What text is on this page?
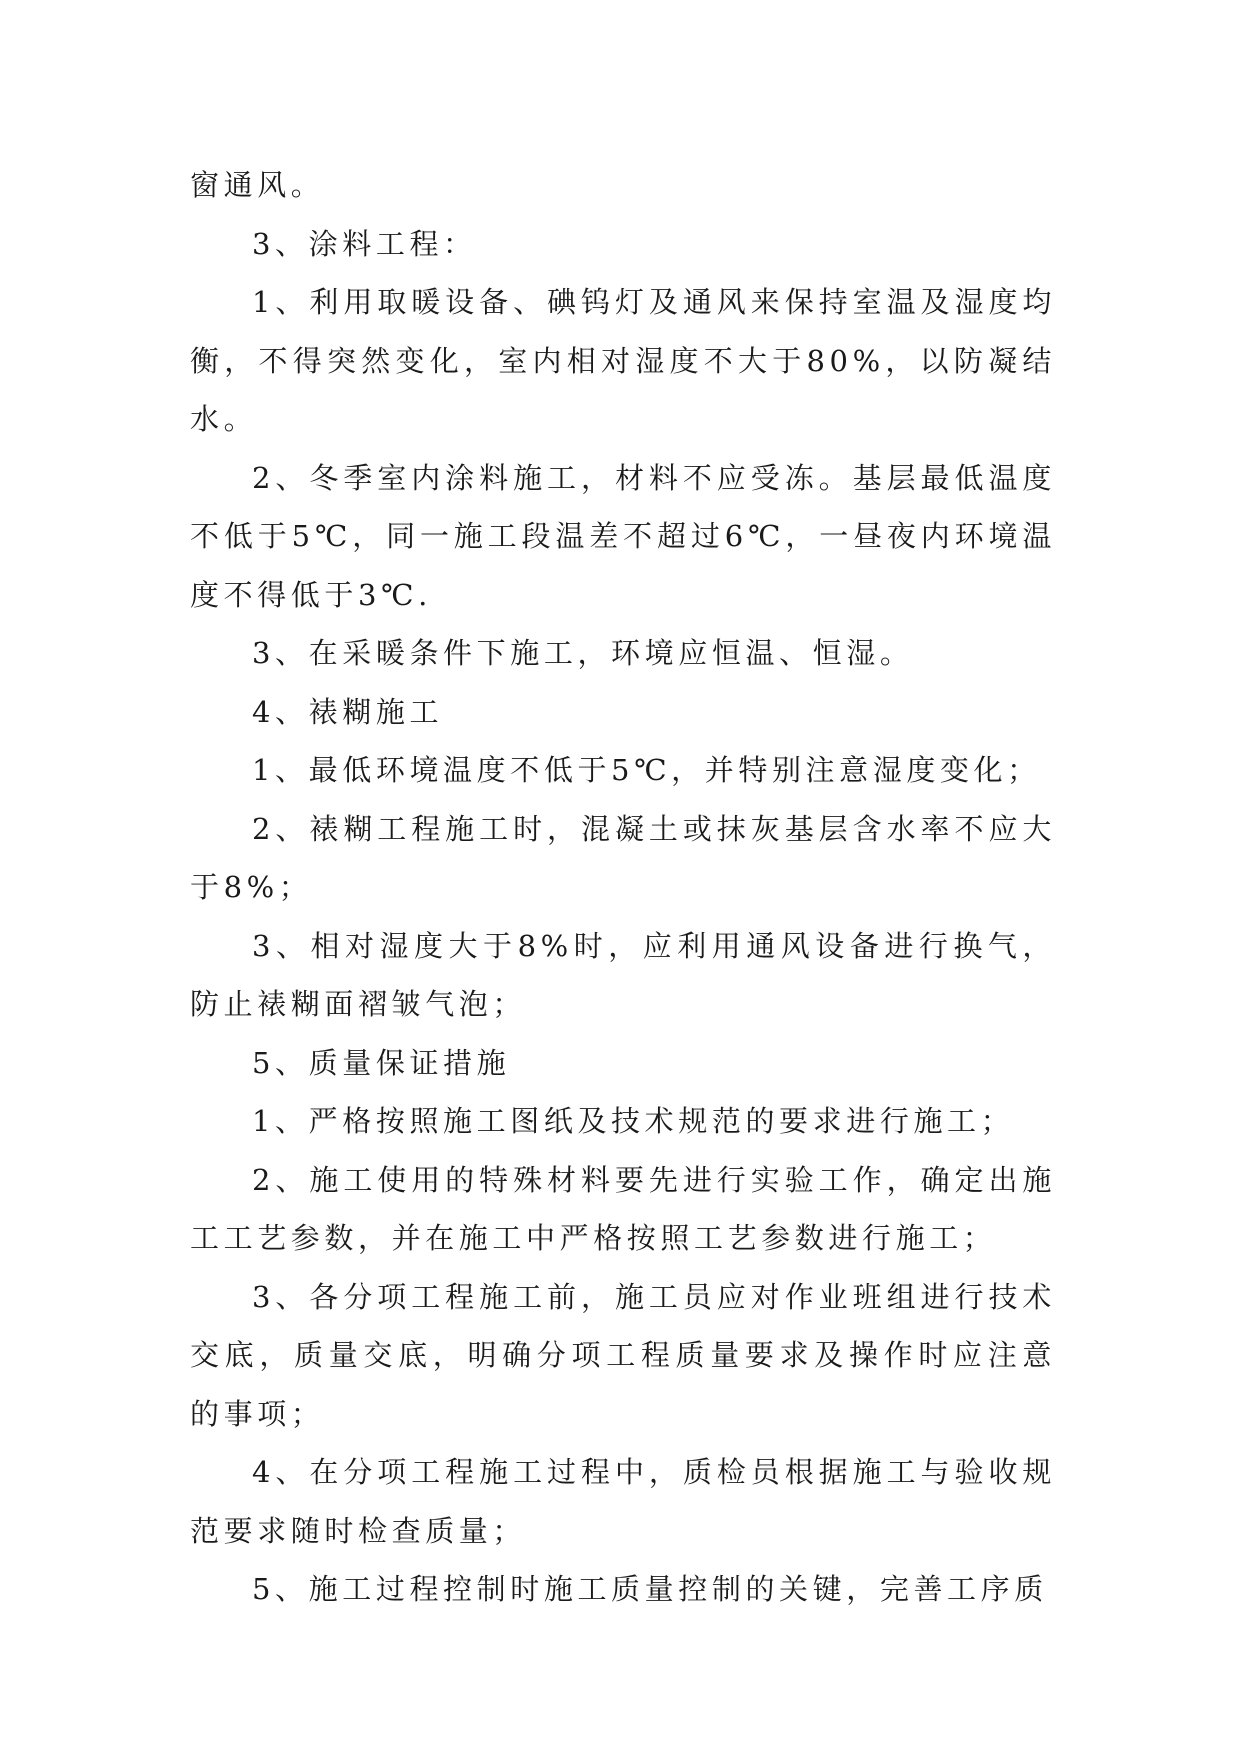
窗通风。

3、涂料工程：

1、利用取暖设备、碘钨灯及通风来保持室温及湿度均衡，不得突然变化，室内相对湿度不大于80%，以防凝结水。

2、冬季室内涂料施工，材料不应受冻。基层最低温度不低于5℃，同一施工段温差不超过6℃，一昼夜内环境温度不得低于3℃.

3、在采暖条件下施工，环境应恒温、恒湿。

4、裱糊施工

1、最低环境温度不低于5℃，并特别注意湿度变化；

2、裱糊工程施工时，混凝土或抹灰基层含水率不应大于8%；

3、相对湿度大于8%时，应利用通风设备进行换气，防止裱糊面褶皱气泡；

5、质量保证措施

1、严格按照施工图纸及技术规范的要求进行施工；

2、施工使用的特殊材料要先进行实验工作，确定出施工工艺参数，并在施工中严格按照工艺参数进行施工；

3、各分项工程施工前，施工员应对作业班组进行技术交底，质量交底，明确分项工程质量要求及操作时应注意的事项；

4、在分项工程施工过程中，质检员根据施工与验收规范要求随时检查质量；

5、施工过程控制时施工质量控制的关键，完善工序质
